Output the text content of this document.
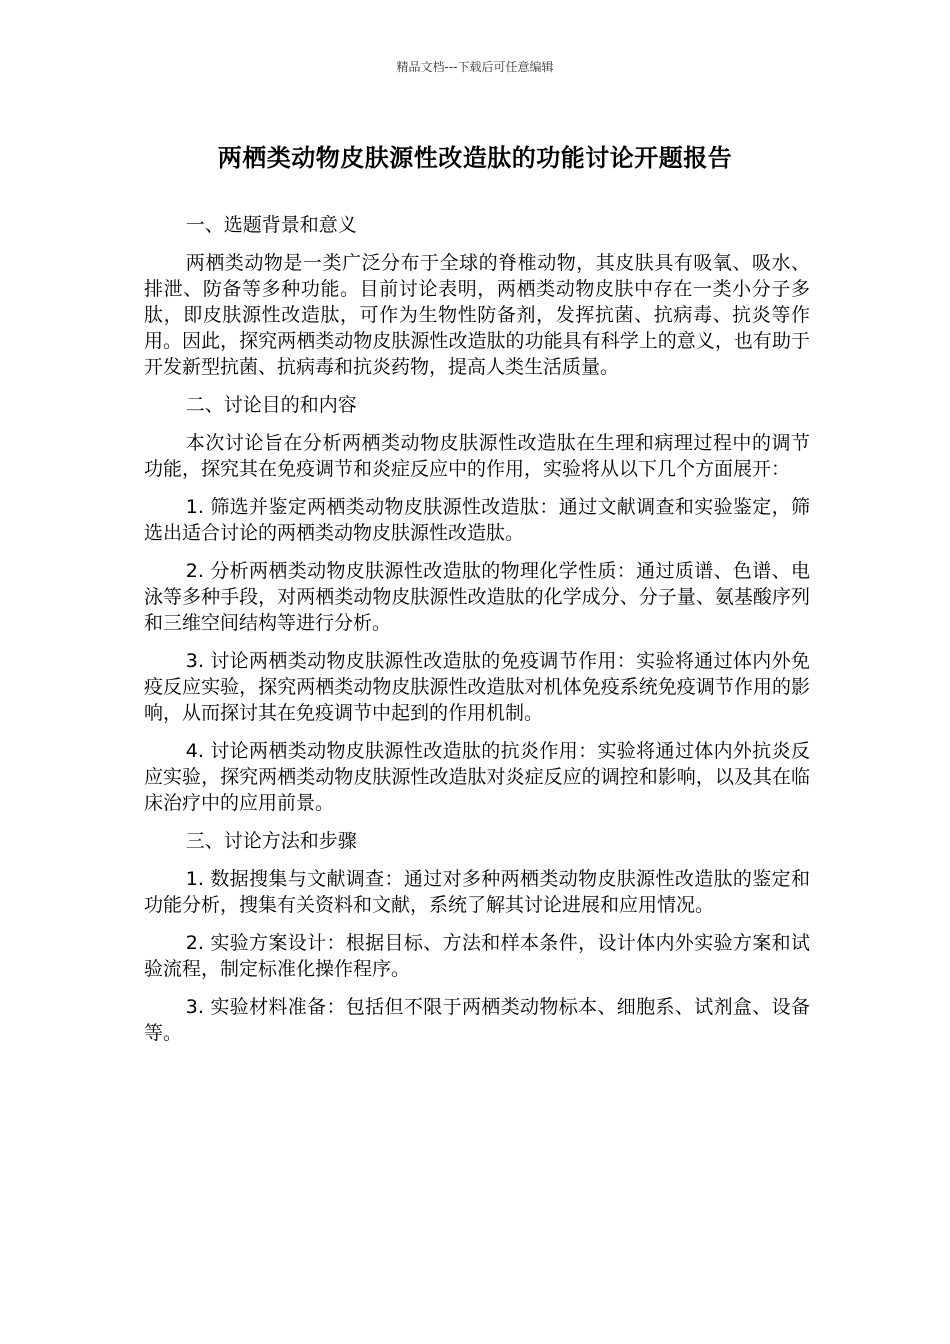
精品文档---下载后可任意编辑
两栖类动物皮肤源性改造肽的功能讨论开题报告

一、选题背景和意义

两栖类动物是一类广泛分布于全球的脊椎动物，其皮肤具有吸氧、吸水、排泄、防备等多种功能。目前讨论表明，两栖类动物皮肤中存在一类小分子多肽，即皮肤源性改造肽，可作为生物性防备剂，发挥抗菌、抗病毒、抗炎等作用。因此，探究两栖类动物皮肤源性改造肽的功能具有科学上的意义，也有助于开发新型抗菌、抗病毒和抗炎药物，提高人类生活质量。

二、讨论目的和内容

本次讨论旨在分析两栖类动物皮肤源性改造肽在生理和病理过程中的调节功能，探究其在免疫调节和炎症反应中的作用，实验将从以下几个方面展开：

1. 筛选并鉴定两栖类动物皮肤源性改造肽：通过文献调查和实验鉴定，筛选出适合讨论的两栖类动物皮肤源性改造肽。

2. 分析两栖类动物皮肤源性改造肽的物理化学性质：通过质谱、色谱、电泳等多种手段，对两栖类动物皮肤源性改造肽的化学成分、分子量、氨基酸序列和三维空间结构等进行分析。

3. 讨论两栖类动物皮肤源性改造肽的免疫调节作用：实验将通过体内外免疫反应实验，探究两栖类动物皮肤源性改造肽对机体免疫系统免疫调节作用的影响，从而探讨其在免疫调节中起到的作用机制。

4. 讨论两栖类动物皮肤源性改造肽的抗炎作用：实验将通过体内外抗炎反应实验，探究两栖类动物皮肤源性改造肽对炎症反应的调控和影响，以及其在临床治疗中的应用前景。

三、讨论方法和步骤

1. 数据搜集与文献调查：通过对多种两栖类动物皮肤源性改造肽的鉴定和功能分析，搜集有关资料和文献，系统了解其讨论进展和应用情况。

2. 实验方案设计：根据目标、方法和样本条件，设计体内外实验方案和试验流程，制定标准化操作程序。

3. 实验材料准备：包括但不限于两栖类动物标本、细胞系、试剂盒、设备等。
